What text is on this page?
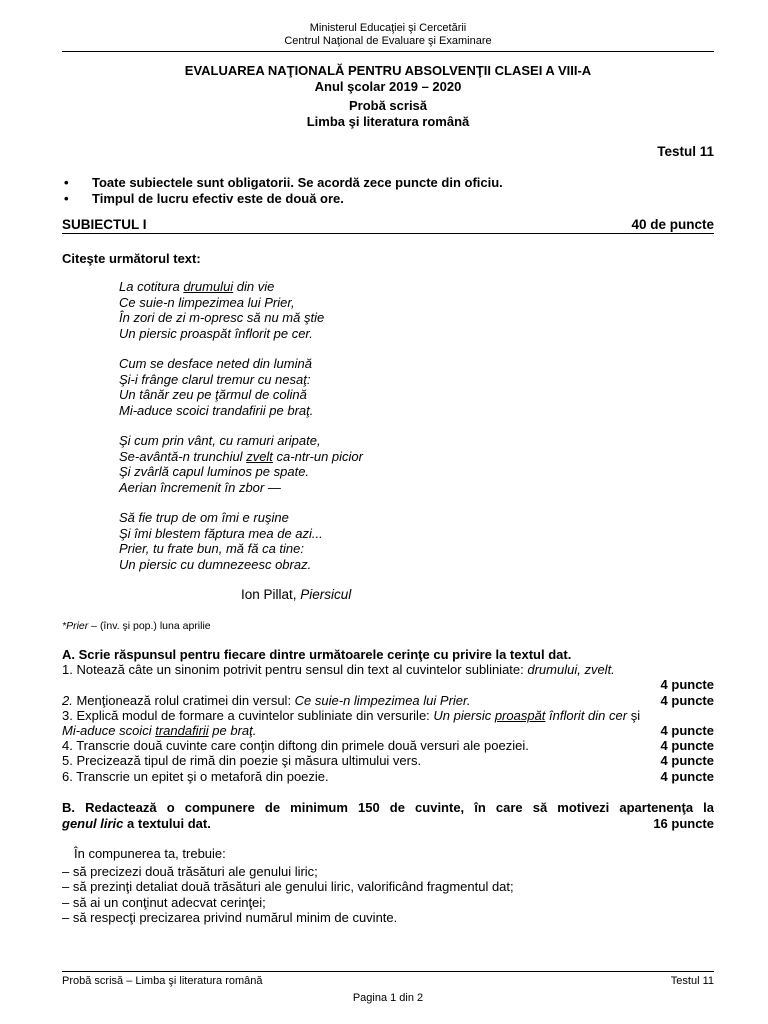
Ministerul Educaţiei şi Cercetării
Centrul Naţional de Evaluare şi Examinare
EVALUAREA NAŢIONALĂ PENTRU ABSOLVENŢII CLASEI A VIII-A
Anul şcolar 2019 – 2020
Probă scrisă
Limba şi literatura română
Testul 11
• Toate subiectele sunt obligatorii. Se acordă zece puncte din oficiu.
• Timpul de lucru efectiv este de două ore.
SUBIECTUL I	40 de puncte
Citeşte următorul text:
La cotitura drumului din vie
Ce suie-n limpezimea lui Prier,
În zori de zi m-opresc să nu mă ştie
Un piersic proaspăt înflorit pe cer.
Cum se desface neted din lumină
Şi-i frânge clarul tremur cu nesaţ:
Un tânăr zeu pe ţărmul de colină
Mi-aduce scoici trandafirii pe braţ.
Şi cum prin vânt, cu ramuri aripate,
Se-avântă-n trunchiul zvelt ca-ntr-un picior
Şi zvârlă capul luminos pe spate.
Aerian încremenit în zbor —
Să fie trup de om îmi e ruşine
Şi îmi blestem făptura mea de azi...
Prier, tu frate bun, mă fă ca tine:
Un piersic cu dumnezeesc obraz.
Ion Pillat, Piersicul
*Prier – (înv. şi pop.) luna aprilie
A. Scrie răspunsul pentru fiecare dintre următoarele cerinţe cu privire la textul dat.
1. Notează câte un sinonim potrivit pentru sensul din text al cuvintelor subliniate: drumului, zvelt.
4 puncte
2. Menţionează rolul cratimei din versul: Ce suie-n limpezimea lui Prier.	4 puncte
3. Explică modul de formare a cuvintelor subliniate din versurile: Un piersic proaspăt înflorit din cer şi
Mi-aduce scoici trandafirii pe braţ.	4 puncte
4. Transcrie două cuvinte care conţin diftong din primele două versuri ale poeziei.	4 puncte
5. Precizează tipul de rimă din poezie şi măsura ultimului vers.	4 puncte
6. Transcrie un epitet şi o metaforă din poezie.	4 puncte
B. Redactează o compunere de minimum 150 de cuvinte, în care să motivezi apartenenţa la
genul liric a textului dat.	16 puncte
În compunerea ta, trebuie:
– să precizezi două trăsături ale genului liric;
– să prezinţi detaliat două trăsături ale genului liric, valorificând fragmentul dat;
– să ai un conţinut adecvat cerinţei;
– să respecţi precizarea privind numărul minim de cuvinte.
Probă scrisă – Limba şi literatura română	Testul 11
Pagina 1 din 2
